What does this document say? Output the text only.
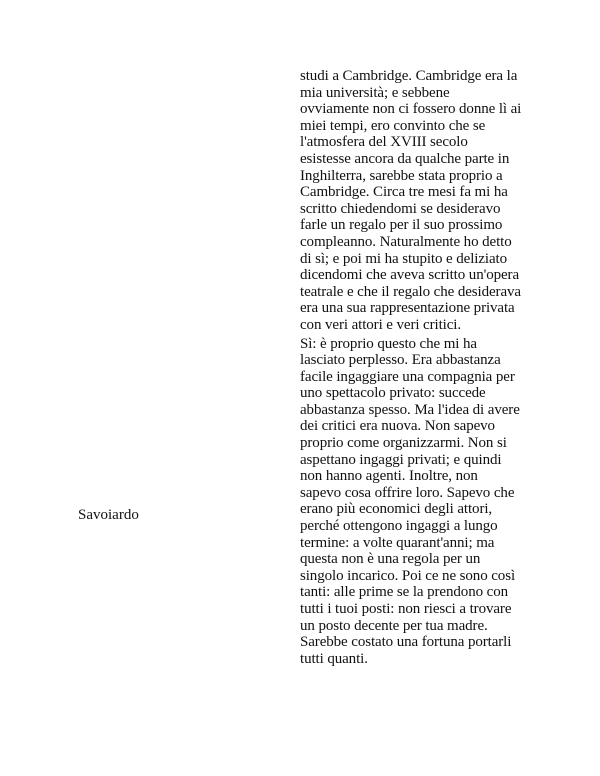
Savoiardo

studi a Cambridge. Cambridge era la
mia università; e sebbene
ovviamente non ci fossero donne lì ai
miei tempi, ero convinto che se
l'atmosfera del XVIII secolo
esistesse ancora da qualche parte in
Inghilterra, sarebbe stata proprio a
Cambridge. Circa tre mesi fa mi ha
scritto chiedendomi se desideravo
farle un regalo per il suo prossimo
compleanno. Naturalmente ho detto
di sì; e poi mi ha stupito e deliziato
dicendomi che aveva scritto un'opera
teatrale e che il regalo che desiderava
era una sua rappresentazione privata
con veri attori e veri critici.

Sì: è proprio questo che mi ha
lasciato perplesso. Era abbastanza
facile ingaggiare una compagnia per
uno spettacolo privato: succede
abbastanza spesso. Ma l'idea di avere
dei critici era nuova. Non sapevo
proprio come organizzarmi. Non si
aspettano ingaggi privati; e quindi
non hanno agenti. Inoltre, non
sapevo cosa offrire loro. Sapevo che
erano più economici degli attori,
perché ottengono ingaggi a lungo
termine: a volte quarant'anni; ma
questa non è una regola per un
singolo incarico. Poi ce ne sono così
tanti: alle prime se la prendono con
tutti i tuoi posti: non riesci a trovare
un posto decente per tua madre.
Sarebbe costato una fortuna portarli
tutti quanti.
